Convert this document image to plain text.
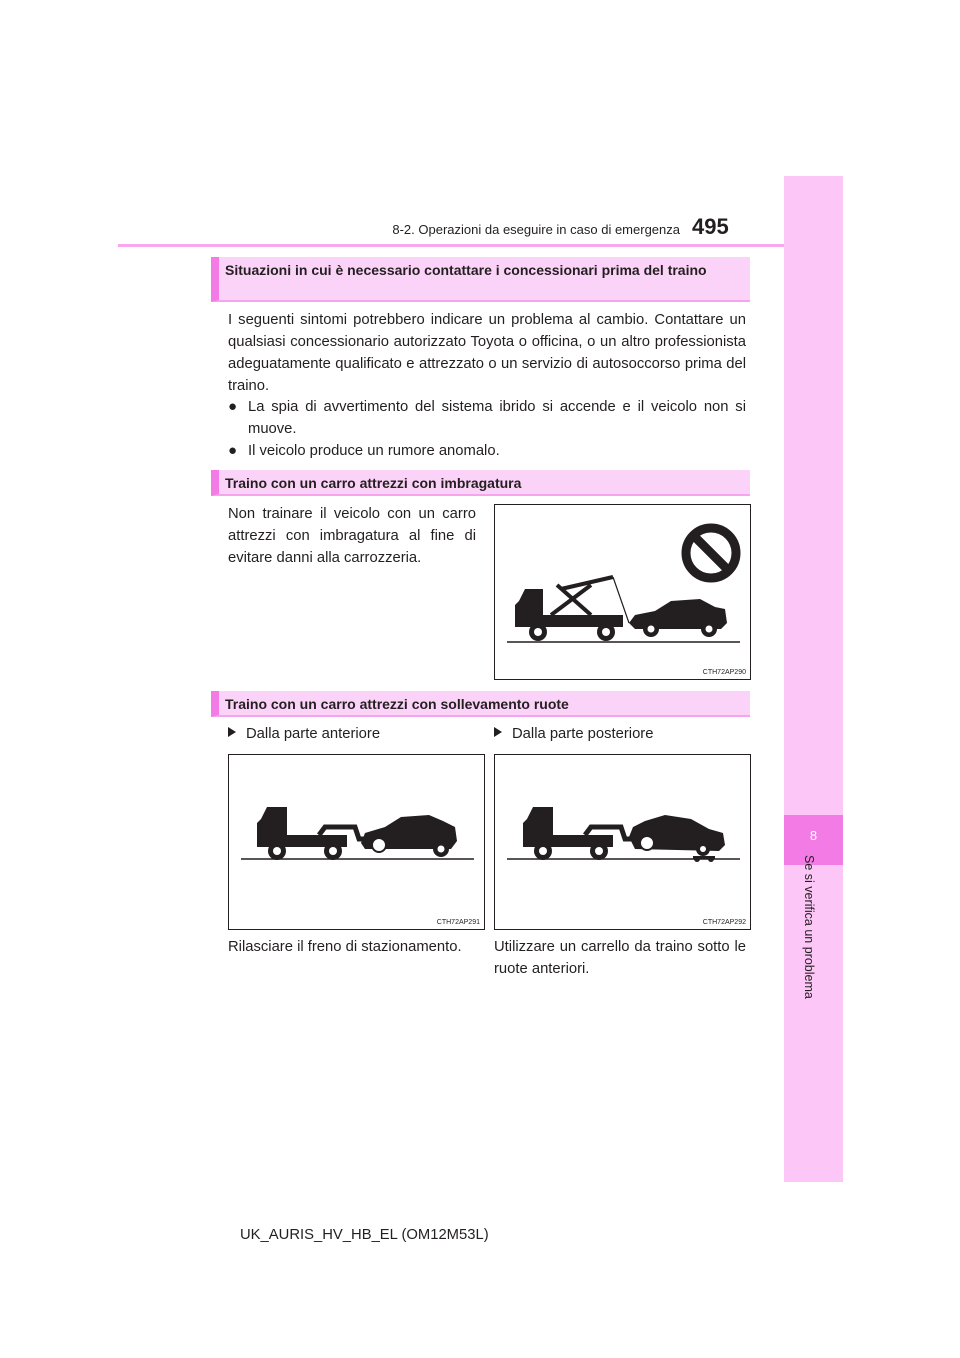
8
Se si verifica un problema
8-2. Operazioni da eseguire in caso di emergenza 495
Situazioni in cui è necessario contattare i concessionari prima del traino
I seguenti sintomi potrebbero indicare un problema al cambio. Contattare un qualsiasi concessionario autorizzato Toyota o officina, o un altro professionista adeguatamente qualificato e attrezzato o un servizio di autosoccorso prima del traino.
● La spia di avvertimento del sistema ibrido si accende e il veicolo non si muove.
● Il veicolo produce un rumore anomalo.
Traino con un carro attrezzi con imbragatura
Non trainare il veicolo con un carro attrezzi con imbragatura al fine di evitare danni alla carrozzeria.
CTH72AP290
Traino con un carro attrezzi con sollevamento ruote
Dalla parte anteriore	Dalla parte posteriore
CTH72AP291	CTH72AP292
Rilasciare il freno di stazionamento.	Utilizzare un carrello da traino sotto le ruote anteriori.
UK_AURIS_HV_HB_EL (OM12M53L)
